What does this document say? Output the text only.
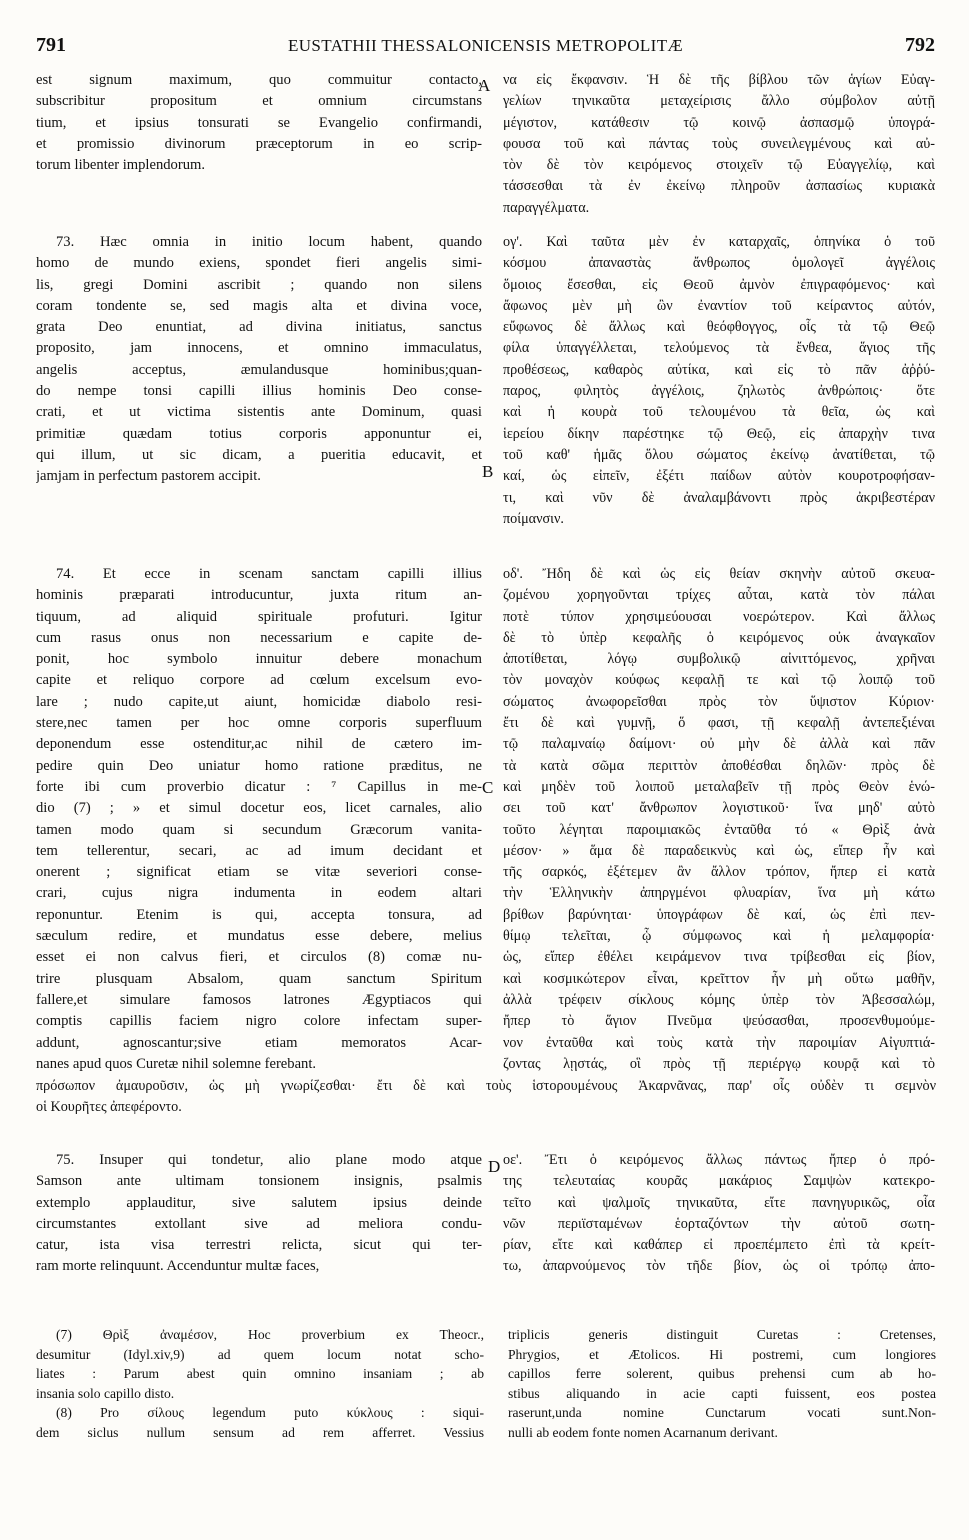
791	EUSTATHII THESSALONICENSIS METROPOLITÆ	792
A
B
C
D
est signum maximum, quo commuitur contacto,
subscribitur propositum et omnium circumstans
tium, et ipsius tonsurati se Evangelio confirmandi,
et promissio divinorum præceptorum in eo scrip-
torum libenter implendorum.
να εἰς ἔκφανσιν. Ἡ δὲ τῆς βίβλου τῶν ἁγίων Εὐαγ-
γελίων τηνικαῦτα μεταχείρισις ἄλλο σύμβολον αὐτῇ
μέγιστον, κατάθεσιν τῷ κοινῷ ἀσπασμῷ ὑπογρά-
φουσα τοῦ καὶ πάντας τοὺς συνειλεγμένους καὶ αὐ-
τὸν δὲ τὸν κειρόμενος στοιχεῖν τῷ Εὐαγγελίῳ, καὶ
τάσσεσθαι τὰ ἐν ἐκείνῳ πληροῦν ἀσπασίως κυριακὰ
παραγγέλματα.
73. Hæc omnia in initio locum habent, quando
homo de mundo exiens, spondet fieri angelis simi-
lis, gregi Domini ascribit ; quando non silens
coram tondente se, sed magis alta et divina voce,
grata Deo enuntiat, ad divina initiatus, sanctus
proposito, jam innocens, et omnino immaculatus,
angelis acceptus, æmulandusque hominibus;quan-
do nempe tonsi capilli illius hominis Deo conse-
crati, et ut victima sistentis ante Dominum, quasi
primitiæ quædam totius corporis apponuntur ei,
qui illum, ut sic dicam, a pueritia educavit, et
jamjam in perfectum pastorem accipit.
ογ'. Καὶ ταῦτα μὲν ἐν καταρχαῖς, ὁπηνίκα ὁ τοῦ
κόσμου ἀπαναστὰς ἄνθρωπος ὁμολογεῖ ἀγγέλοις
ὅμοιος ἔσεσθαι, εἰς Θεοῦ ἀμνὸν ἐπιγραφόμενος· καὶ
ἄφωνος μὲν μὴ ὢν ἐναντίον τοῦ κείραντος αὐτόν,
εὔφωνος δὲ ἄλλως καὶ θεόφθογγος, οἷς τὰ τῷ Θεῷ
φίλα ὑπαγγέλλεται, τελούμενος τὰ ἔνθεα, ἅγιος τῆς
προθέσεως, καθαρὸς αὐτίκα, καὶ εἰς τὸ πᾶν ἀῤῥύ-
παρος, φιλητὸς ἀγγέλοις, ζηλωτὸς ἀνθρώποις· ὅτε
καὶ ἡ κουρὰ τοῦ τελουμένου τὰ θεῖα, ὡς καὶ
ἱερείου δίκην παρέστηκε τῷ Θεῷ, εἰς ἀπαρχὴν τινα
τοῦ καθ' ἡμᾶς ὅλου σώματος ἐκείνῳ ἀνατίθεται, τῷ
καί, ὡς εἰπεῖν, ἐξέτι παίδων αὐτὸν κουροτροφήσαν-
τι, καὶ νῦν δὲ ἀναλαμβάνοντι πρὸς ἀκριβεστέραν
ποίμανσιν.
74. Et ecce in scenam sanctam capilli illius
hominis præparati introducuntur, juxta ritum an-
tiquum, ad aliquid spirituale profuturi. Igitur
cum rasus onus non necessarium e capite de-
ponit, hoc symbolo innuitur debere monachum
capite et reliquo corpore ad cœlum excelsum evo-
lare ; nudo capite,ut aiunt, homicidæ diabolo resi-
stere,nec tamen per hoc omne corporis superfluum
deponendum esse ostenditur,ac nihil de cætero im-
pedire quin Deo uniatur homo ratione præditus, ne
forte ibi cum proverbio dicatur : ⁷ Capillus in me-
dio (7) ; » et simul docetur eos, licet carnales, alio
tamen modo quam si secundum Græcorum vanita-
tem tellerentur, secari, ac ad imum decidant et
onerent ; significat etiam se vitæ severiori conse-
crari, cujus nigra indumenta in eodem altari
reponuntur. Etenim is qui, accepta tonsura, ad
sæculum redire, et mundatus esse debere, melius
esset ei non calvus fieri, et circulos (8) comæ nu-
trire plusquam Absalom, quam sanctum Spiritum
fallere,et simulare famosos latrones Ægyptiacos qui
comptis capillis faciem nigro colore infectam super-
addunt, agnoscantur;sive etiam memoratos Acar-
nanes apud quos Curetæ nihil solemne ferebant.
οδ'. Ἤδη δὲ καὶ ὡς εἰς θείαν σκηνὴν αὐτοῦ σκευα-
ζομένου χορηγοῦνται τρίχες αὗται, κατὰ τὸν πάλαι
ποτὲ τύπον χρησιμεύουσαι νοερώτερον. Καὶ ἄλλως
δὲ τὸ ὑπὲρ κεφαλῆς ὁ κειρόμενος οὐκ ἀναγκαῖον
ἀποτίθεται, λόγῳ συμβολικῷ αἰνιττόμενος, χρῆναι
τὸν μοναχὸν κούφως κεφαλῇ τε καὶ τῷ λοιπῷ τοῦ
σώματος ἀνωφορεῖσθαι πρὸς τὸν ὕψιστον Κύριον·
ἔτι δὲ καὶ γυμνῇ, ὅ φασι, τῇ κεφαλῇ ἀντεπεξιέναι
τῷ παλαμναίῳ δαίμονι· οὐ μὴν δὲ ἀλλὰ καὶ πᾶν
τὰ κατὰ σῶμα περιττὸν ἀποθέσθαι δηλῶν· πρὸς δὲ
καὶ μηδὲν τοῦ λοιποῦ μεταλαβεῖν τῇ πρὸς Θεὸν ἑνώ-
σει τοῦ κατ' ἄνθρωπον λογιστικοῦ· ἵνα μηδ' αὐτὸ
τοῦτο λέγηται παροιμιακῶς ἐνταῦθα τό « Θρὶξ ἀνὰ
μέσον· » ἅμα δὲ παραδεικνὺς καὶ ὡς, εἴπερ ἦν καὶ
τῆς σαρκός, ἐξέτεμεν ἂν ἄλλον τρόπον, ἤπερ εἰ κατὰ
τὴν Ἑλληνικὴν ἀπηργμένοι φλυαρίαν, ἵνα μὴ κάτω
βρίθων βαρύνηται· ὑπογράφων δὲ καί, ὡς ἐπὶ πεν-
θίμῳ τελεῖται, ᾧ σύμφωνος καὶ ἡ μελαμφορία·
ὡς, εἴπερ ἐθέλει κειράμενον τινα τρίβεσθαι εἰς βίον,
καὶ κοσμικώτερον εἶναι, κρεῖττον ἦν μὴ οὕτω μαθῆν,
ἀλλὰ τρέφειν σίκλους κόμης ὑπὲρ τὸν Ἀβεσσαλώμ,
ἤπερ τὸ ἅγιον Πνεῦμα ψεύσασθαι, προσενθυμούμε-
νον ἐνταῦθα καὶ τοὺς κατὰ τὴν παροιμίαν Αἰγυπτιά-
ζοντας λῃστάς, οἳ πρὸς τῇ περιέργῳ κουρᾷ καὶ τὸ
πρόσωπον ἀμαυροῦσιν, ὡς μὴ γνωρίζεσθαι· ἔτι δὲ καὶ τοὺς ἱστορουμένους Ἀκαρνᾶνας, παρ' οἷς οὐδὲν τι σεμνὸν
οἱ Κουρῆτες ἀπεφέροντο.
75. Insuper qui tondetur, alio plane modo atque
Samson ante ultimam tonsionem insignis, psalmis
extemplo applauditur, sive salutem ipsius deinde
circumstantes extollant sive ad meliora condu-
catur, ista visa terrestri relicta, sicut qui ter-
ram morte relinquunt. Accenduntur multæ faces,
οε'. Ἔτι ὁ κειρόμενος ἄλλως πάντως ἤπερ ὁ πρό-
της τελευταίας κουρᾶς μακάριος Σαμψὼν κατεκρο-
τεῖτο καὶ ψαλμοῖς τηνικαῦτα, εἴτε πανηγυρικῶς, οἷα
νῶν περιϊσταμένων ἑορταζόντων τὴν αὐτοῦ σωτη-
ρίαν, εἴτε καὶ καθάπερ εἰ προεπέμπετο ἐπὶ τὰ κρείτ-
τω, ἀπαρνούμενος τὸν τῆδε βίον, ὡς οἱ τρόπῳ ἀπο-
(7) Θρὶξ ἀναμέσον, Hoc proverbium ex Theocr.,
desumitur (Idyl.xiv,9) ad quem locum notat scho-
liates : Parum abest quin omnino insaniam ; ab
insania solo capillo disto.
(8) Pro σίλους legendum puto κύκλους : siqui-
dem siclus nullum sensum ad rem afferret. Vessius
triplicis generis distinguit Curetas : Cretenses,
Phrygios, et Ætolicos. Hi postremi, cum longiores
capillos ferre solerent, quibus prehensi cum ab ho-
stibus aliquando in acie capti fuissent, eos postea
raserunt,unda nomine Cunctarum vocati sunt.Non-
nulli ab eodem fonte nomen Acarnanum derivant.
